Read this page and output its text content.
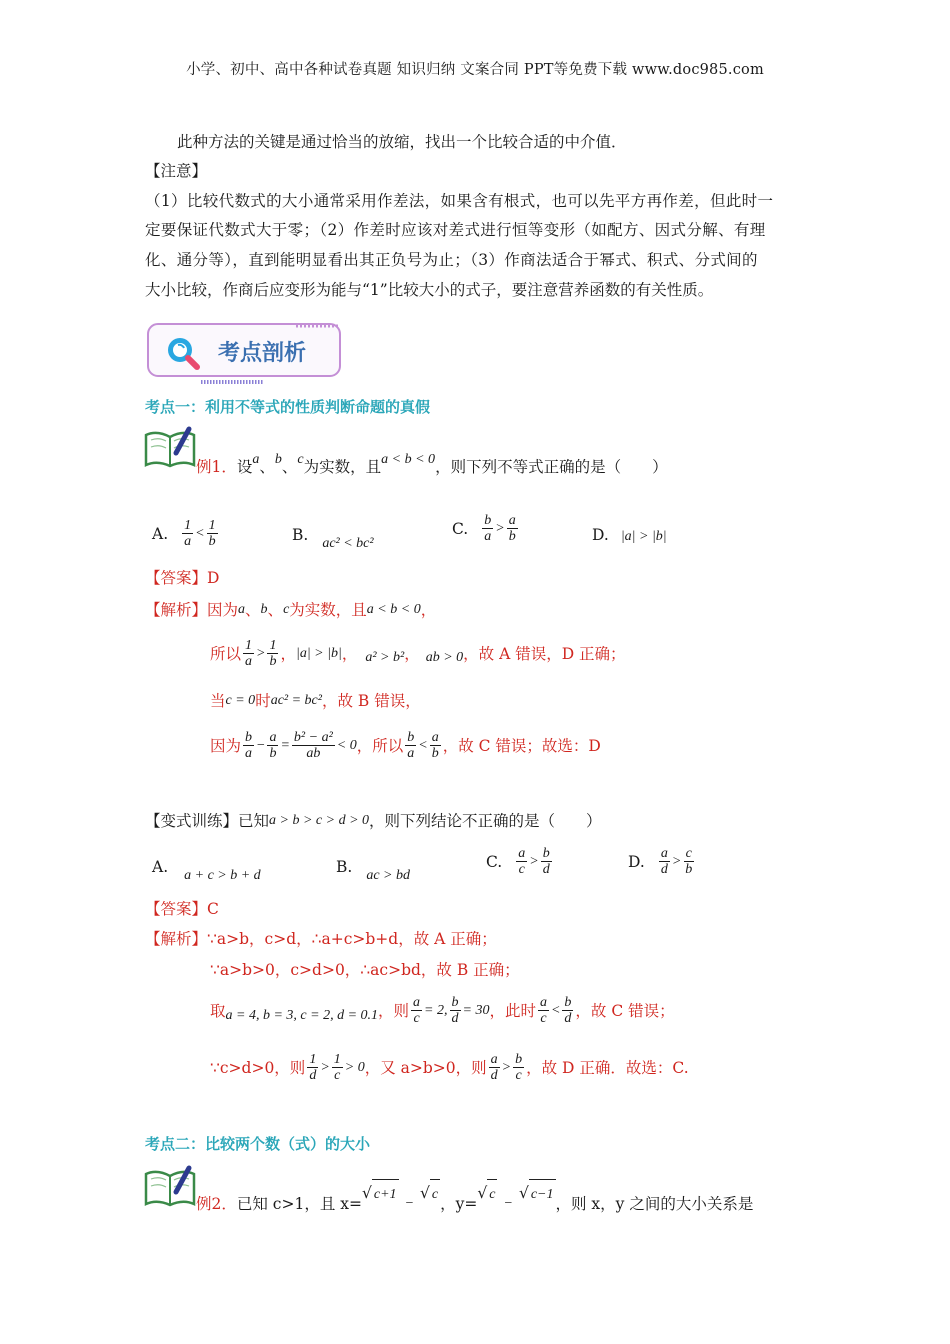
小学、初中、高中各种试卷真题 知识归纳 文案合同 PPT等免费下载 www.doc985.com
此种方法的关键是通过恰当的放缩，找出一个比较合适的中介值．
【注意】
（1）比较代数式的大小通常采用作差法，如果含有根式，也可以先平方再作差，但此时一
定要保证代数式大于零；（2）作差时应该对差式进行恒等变形（如配方、因式分解、有理
化、通分等），直到能明显看出其正负号为止；（3）作商法适合于幂式、积式、分式间的
大小比较，作商后应变形为能与“1”比较大小的式子，要注意营养函数的有关性质。
考点剖析
考点一：利用不等式的性质判断命题的真假
例1． 设 a 、 b 、 c 为实数，且 a < b < 0 ，则下列不等式正确的是（　　）
A. $\frac{1}{a} < \frac{1}{b}$	B. ac² < bc²
C. $\frac{b}{a} > \frac{a}{b}$	D. |a| > |b|
【答案】 D
【解析】 因为 a 、 b 、 c 为实数，且 a < b < 0 ，
所以 $\frac{1}{a} > \frac{1}{b}$ ， |a| > |b| ， a² > b² ， ab > 0 ，故 A 错误，D 正确；
当 c = 0 时 ac² = bc² ，故 B 错误，
因为 $\frac{b}{a} - \frac{a}{b} = \frac{\text{b² − a²}}{ab} < 0$ ，所以 $\frac{b}{a} < \frac{a}{b}$ ，故 C 错误；故选：D
【变式训练】 已知 a > b > c > d > 0 ，则下列结论不正确的是（　　）
A. a + c > b + d	B. ac > bd
C. $\frac{a}{c} > \frac{b}{d}$	D. $\frac{a}{d} > \frac{c}{b}$
【答案】 C
【解析】 ∵a>b，c>d，∴a+c>b+d，故 A 正确；
∵a>b>0，c>d>0，∴ac>bd，故 B 正确；
取 a = 4, b = 3, c = 2, d = 0.1 ，则 $\frac{a}{c} = 2$, $\frac{b}{d} = 30$ ，此时 $\frac{a}{c} < \frac{b}{d}$ ，故 C 错误；
∵c>d>0，则 $\frac{1}{d} > \frac{1}{c} > 0$ ，又 a>b>0，则 $\frac{a}{d} > \frac{b}{c}$ ，故 D 正确．故选：C.
考点二：比较两个数（式）的大小
例2． 已知 c>1，且 x=
√ c+1
−
√ c
，y=
√ c
−
√ c−1
，则 x，y 之间的大小关系是
